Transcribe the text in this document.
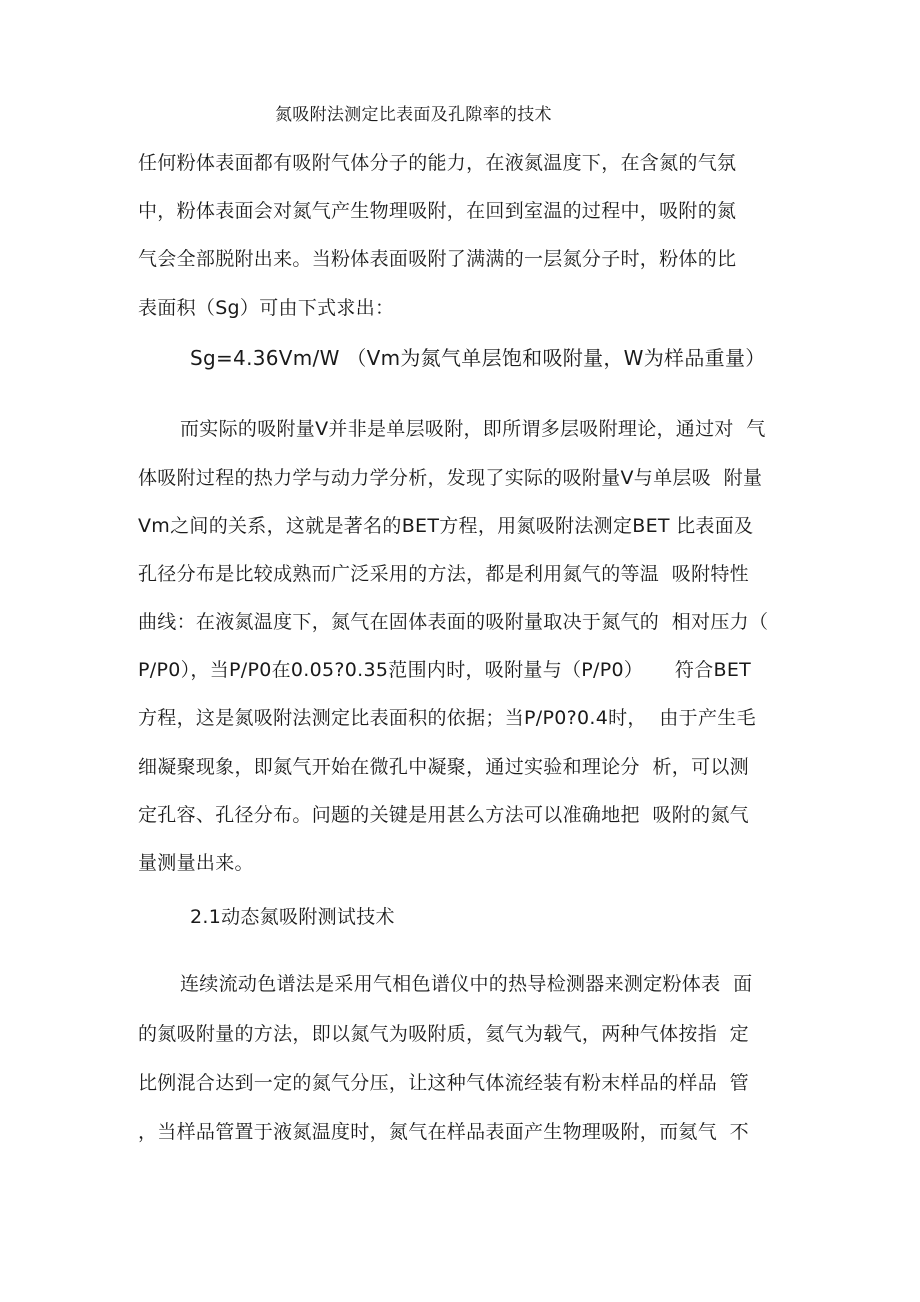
氮吸附法测定比表面及孔隙率的技术
任何粉体表面都有吸附气体分子的能力，在液氮温度下，在含氮的气氛
中，粉体表面会对氮气产生物理吸附，在回到室温的过程中，吸附的氮
气会全部脱附出来。当粉体表面吸附了满满的一层氮分子时，粉体的比
表面积（Sg）可由下式求出：
Sg=4.36Vm/W （Vm为氮气单层饱和吸附量，W为样品重量）
而实际的吸附量V并非是单层吸附，即所谓多层吸附理论，通过对  气
体吸附过程的热力学与动力学分析，发现了实际的吸附量V与单层吸  附量
Vm之间的关系，这就是著名的BET方程，用氮吸附法测定BET 比表面及
孔径分布是比较成熟而广泛采用的方法，都是利用氮气的等温  吸附特性
曲线：在液氮温度下，氮气在固体表面的吸附量取决于氮气的  相对压力（
P/P0），当P/P0在0.05?0.35范围内时，吸附量与（P/P0）     符合BET
方程，这是氮吸附法测定比表面积的依据；当P/P0?0.4时，  由于产生毛
细凝聚现象，即氮气开始在微孔中凝聚，通过实验和理论分  析，可以测
定孔容、孔径分布。问题的关键是用甚么方法可以准确地把  吸附的氮气
量测量出来。
2.1动态氮吸附测试技术
连续流动色谱法是采用气相色谱仪中的热导检测器来测定粉体表  面
的氮吸附量的方法，即以氮气为吸附质，氦气为载气，两种气体按指  定
比例混合达到一定的氮气分压，让这种气体流经装有粉末样品的样品  管
，当样品管置于液氮温度时，氮气在样品表面产生物理吸附，而氦气  不
